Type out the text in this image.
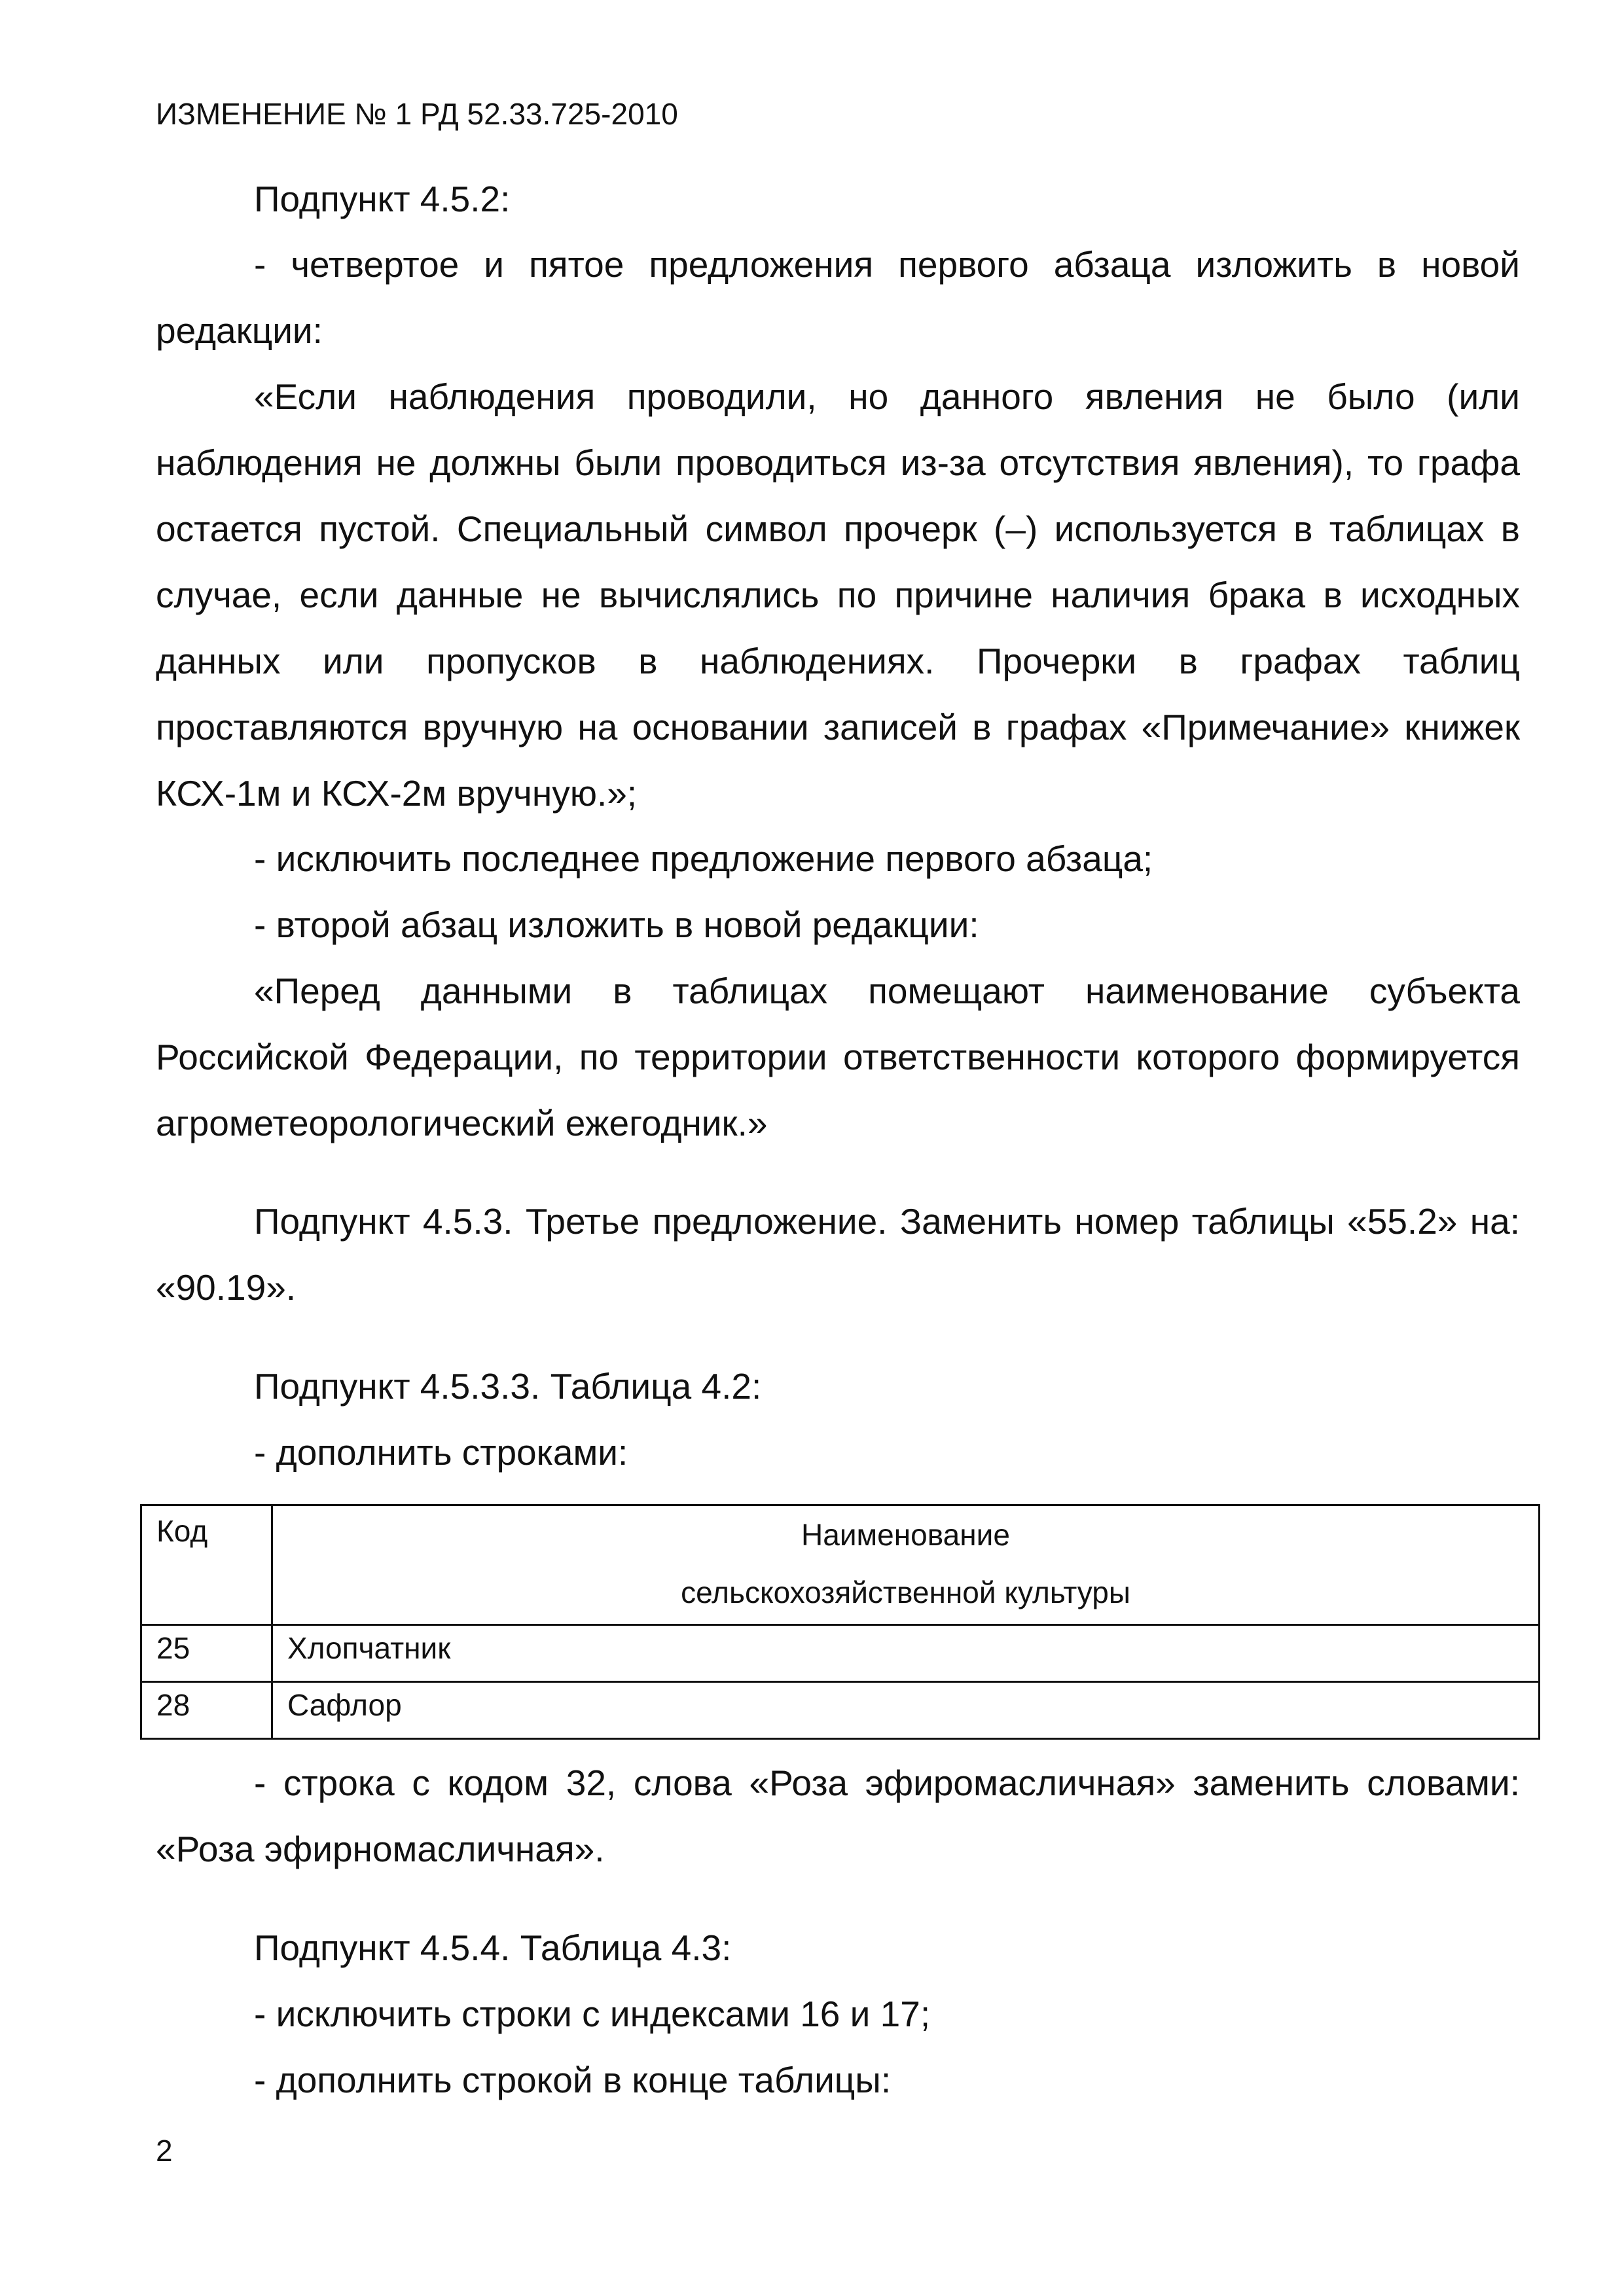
ИЗМЕНЕНИЕ № 1 РД 52.33.725-2010

Подпункт 4.5.2:

- четвертое и пятое предложения первого абзаца изложить в новой редакции:

«Если наблюдения проводили, но данного явления не было (или наблюдения не должны были проводиться из-за отсутствия явления), то графа остается пустой. Специальный символ прочерк (–) используется в таблицах в случае, если данные не вычислялись по причине наличия брака в исходных данных или пропусков в наблюдениях. Прочерки в графах таблиц проставляются вручную на основании записей в графах «Примечание» книжек КСХ-1м и КСХ-2м вручную.»;

- исключить последнее предложение первого абзаца;

- второй абзац изложить в новой редакции:

«Перед данными в таблицах помещают наименование субъекта Российской Федерации, по территории ответственности которого формируется агрометеорологический ежегодник.»

Подпункт 4.5.3. Третье предложение. Заменить номер таблицы «55.2» на: «90.19».

Подпункт 4.5.3.3. Таблица 4.2:

- дополнить строками:

Код	Наименование
сельскохозяйственной культуры

25	Хлопчатник
28	Сафлор

- строка с кодом 32, слова «Роза эфиромасличная» заменить словами: «Роза эфирномасличная».

Подпункт 4.5.4. Таблица 4.3:

- исключить строки с индексами 16 и 17;

- дополнить строкой в конце таблицы:

2
